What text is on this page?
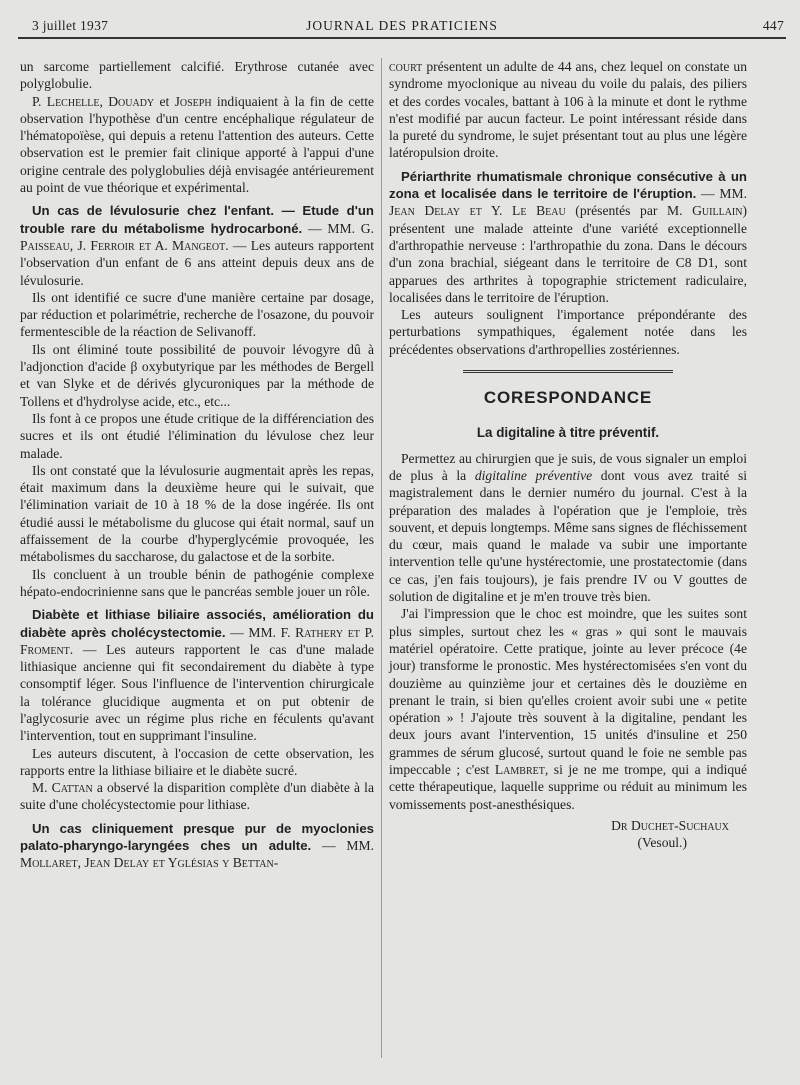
3 juillet 1937	JOURNAL DES PRATICIENS	447

un sarcome partiellement calcifié. Erythrose cutanée avec polyglobulie.

P. Lechelle, Douady et Joseph indiquaient à la fin de cette observation l'hypothèse d'un centre encéphalique régulateur de l'hématopoïèse, qui depuis a retenu l'attention des auteurs. Cette observation est le premier fait clinique apporté à l'appui d'une origine centrale des polyglobulies déjà envisagée antérieurement au point de vue théorique et expérimental.

Un cas de lévulosurie chez l'enfant. — Etude d'un trouble rare du métabolisme hydrocarboné. — MM. G. Paisseau, J. Ferroir et A. Mangeot. — Les auteurs rapportent l'observation d'un enfant de 6 ans atteint depuis deux ans de lévulosurie.

Ils ont identifié ce sucre d'une manière certaine par dosage, par réduction et polarimétrie, recherche de l'osazone, du pouvoir fermentescible de la réaction de Selivanoff.

Ils ont éliminé toute possibilité de pouvoir lévogyre dû à l'adjonction d'acide β oxybutyrique par les méthodes de Bergell et van Slyke et de dérivés glycuroniques par la méthode de Tollens et d'hydrolyse acide, etc., etc...

Ils font à ce propos une étude critique de la différenciation des sucres et ils ont étudié l'élimination du lévulose chez leur malade.

Ils ont constaté que la lévulosurie augmentait après les repas, était maximum dans la deuxième heure qui le suivait, que l'élimination variait de 10 à 18 % de la dose ingérée. Ils ont étudié aussi le métabolisme du glucose qui était normal, sauf un affaissement de la courbe d'hyperglycémie provoquée, les métabolismes du saccharose, du galactose et de la sorbite.

Ils concluent à un trouble bénin de pathogénie complexe hépato-endocrinienne sans que le pancréas semble jouer un rôle.

Diabète et lithiase biliaire associés, amélioration du diabète après cholécystectomie. — MM. F. Rathery et P. Froment. — Les auteurs rapportent le cas d'une malade lithiasique ancienne qui fit secondairement du diabète à type consomptif léger. Sous l'influence de l'intervention chirurgicale la tolérance glucidique augmenta et on put obtenir de l'aglycosurie avec un régime plus riche en féculents qu'avant l'intervention, tout en supprimant l'insuline.

Les auteurs discutent, à l'occasion de cette observation, les rapports entre la lithiase biliaire et le diabète sucré.

M. Cattan a observé la disparition complète d'un diabète à la suite d'une cholécystectomie pour lithiase.

Un cas cliniquement presque pur de myoclonies palato-pharyngo-laryngées ches un adulte. — MM. Mollaret, Jean Delay et Yglésias y Bettan-

court présentent un adulte de 44 ans, chez lequel on constate un syndrome myoclonique au niveau du voile du palais, des piliers et des cordes vocales, battant à 106 à la minute et dont le rythme n'est modifié par aucun facteur. Le point intéressant réside dans la pureté du syndrome, le sujet présentant tout au plus une légère latéropulsion droite.

Périarthrite rhumatismale chronique consécutive à un zona et localisée dans le territoire de l'éruption. — MM. Jean Delay et Y. Le Beau (présentés par M. Guillain) présentent une malade atteinte d'une variété exceptionnelle d'arthropathie nerveuse : l'arthropathie du zona. Dans le décours d'un zona brachial, siégeant dans le territoire de C8 D1, sont apparues des arthrites à topographie strictement radiculaire, localisées dans le territoire de l'éruption.

Les auteurs soulignent l'importance prépondérante des perturbations sympathiques, également notée dans les précédentes observations d'arthropellies zostériennes.

CORESPONDANCE
La digitaline à titre préventif.

Permettez au chirurgien que je suis, de vous signaler un emploi de plus à la digitaline préventive dont vous avez traité si magistralement dans le dernier numéro du journal. C'est à la préparation des malades à l'opération que je l'emploie, très souvent, et depuis longtemps. Même sans signes de fléchissement du cœur, mais quand le malade va subir une importante intervention telle qu'une hystérectomie, une prostatectomie (dans ce cas, j'en fais toujours), je fais prendre IV ou V gouttes de solution de digitaline et je m'en trouve très bien.

J'ai l'impression que le choc est moindre, que les suites sont plus simples, surtout chez les « gras » qui sont le mauvais matériel opératoire. Cette pratique, jointe au lever précoce (4e jour) transforme le pronostic. Mes hystérectomisées s'en vont du douzième au quinzième jour et certaines dès le douzième en prenant le train, si bien qu'elles croient avoir subi une « petite opération » ! J'ajoute très souvent à la digitaline, pendant les deux jours avant l'intervention, 15 unités d'insuline et 250 grammes de sérum glucosé, surtout quand le foie ne semble pas impeccable ; c'est Lambret, si je ne me trompe, qui a indiqué cette thérapeutique, laquelle supprime ou réduit au minimum les vomissements post-anesthésiques.

Dr Duchet-Suchaux
(Vesoul.)
